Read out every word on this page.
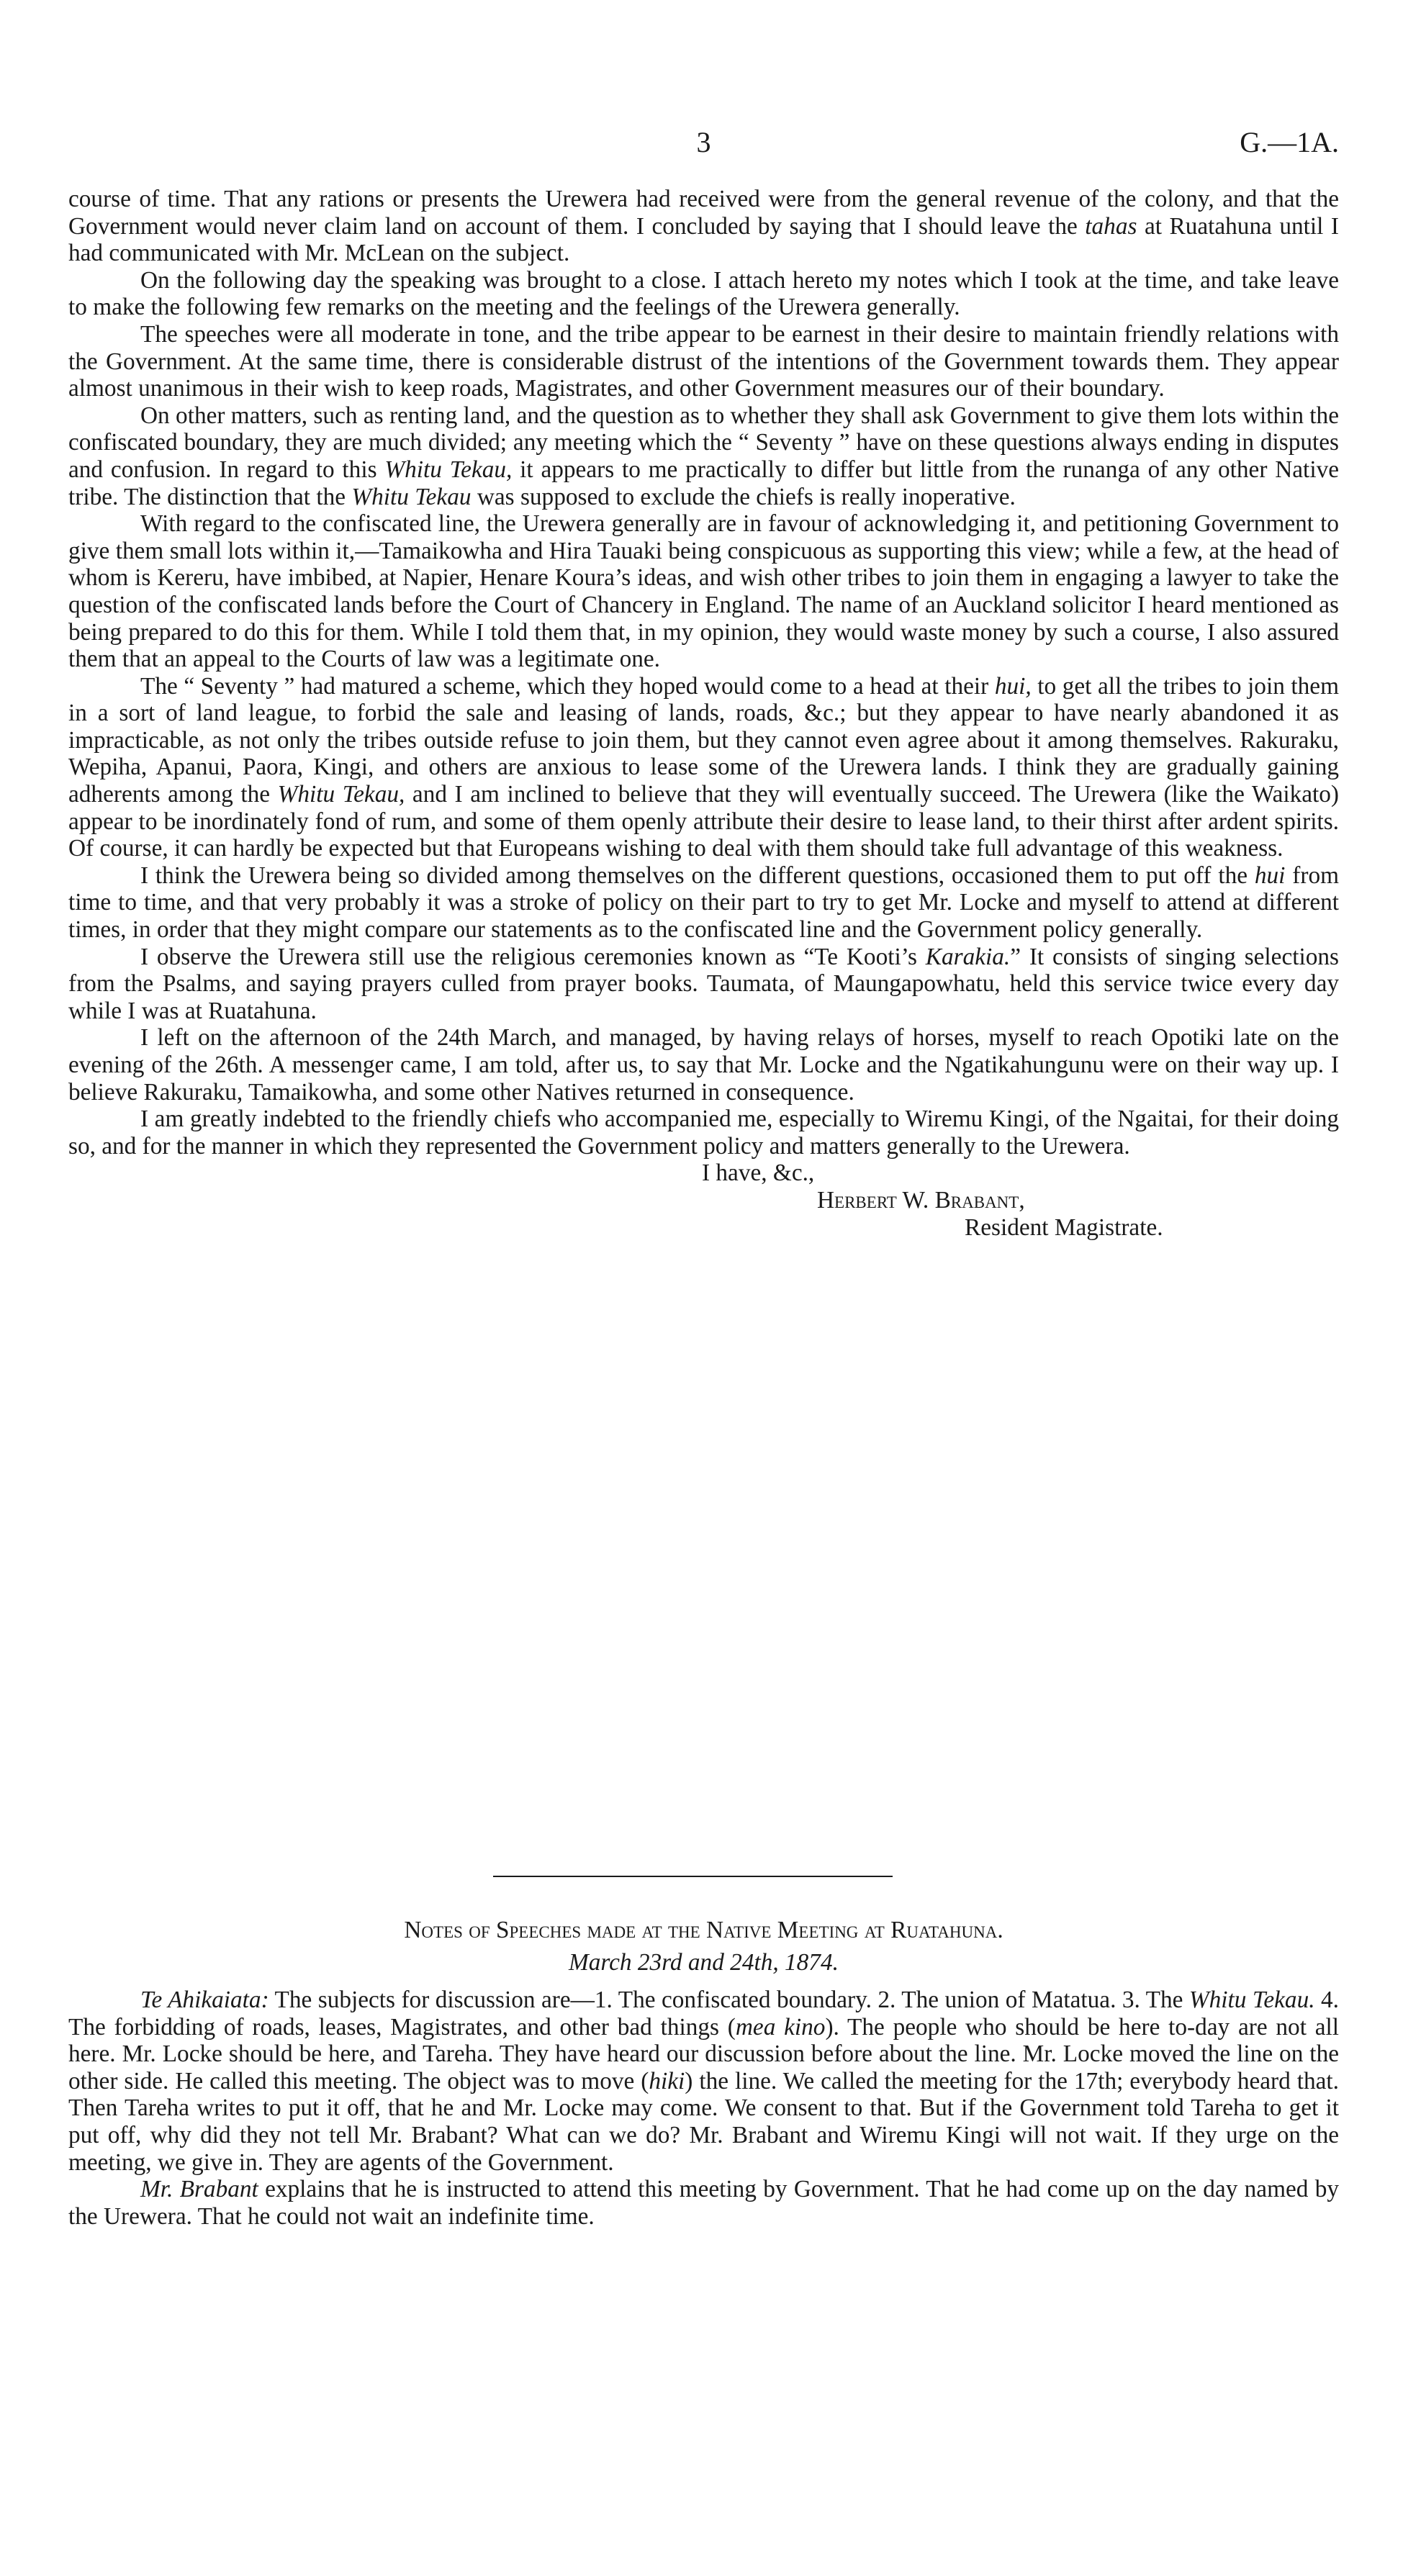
3	G.—1A.

course of time. That any rations or presents the Urewera had received were from the general revenue of the colony, and that the Government would never claim land on account of them. I concluded by saying that I should leave the tahas at Ruatahuna until I had communicated with Mr. McLean on the subject.

On the following day the speaking was brought to a close. I attach hereto my notes which I took at the time, and take leave to make the following few remarks on the meeting and the feelings of the Urewera generally.

The speeches were all moderate in tone, and the tribe appear to be earnest in their desire to maintain friendly relations with the Government. At the same time, there is considerable distrust of the intentions of the Government towards them. They appear almost unanimous in their wish to keep roads, Magistrates, and other Government measures our of their boundary.

On other matters, such as renting land, and the question as to whether they shall ask Government to give them lots within the confiscated boundary, they are much divided; any meeting which the “ Seventy ” have on these questions always ending in disputes and confusion. In regard to this Whitu Tekau, it appears to me practically to differ but little from the runanga of any other Native tribe. The distinction that the Whitu Tekau was supposed to exclude the chiefs is really inoperative.

With regard to the confiscated line, the Urewera generally are in favour of acknowledging it, and petitioning Government to give them small lots within it,—Tamaikowha and Hira Tauaki being conspicuous as supporting this view; while a few, at the head of whom is Kereru, have imbibed, at Napier, Henare Koura’s ideas, and wish other tribes to join them in engaging a lawyer to take the question of the confiscated lands before the Court of Chancery in England. The name of an Auckland solicitor I heard mentioned as being prepared to do this for them. While I told them that, in my opinion, they would waste money by such a course, I also assured them that an appeal to the Courts of law was a legitimate one.

The “ Seventy ” had matured a scheme, which they hoped would come to a head at their hui, to get all the tribes to join them in a sort of land league, to forbid the sale and leasing of lands, roads, &c.; but they appear to have nearly abandoned it as impracticable, as not only the tribes outside refuse to join them, but they cannot even agree about it among themselves. Rakuraku, Wepiha, Apanui, Paora, Kingi, and others are anxious to lease some of the Urewera lands. I think they are gradually gaining adherents among the Whitu Tekau, and I am inclined to believe that they will eventually succeed. The Urewera (like the Waikato) appear to be inordinately fond of rum, and some of them openly attribute their desire to lease land, to their thirst after ardent spirits. Of course, it can hardly be expected but that Europeans wishing to deal with them should take full advantage of this weakness.

I think the Urewera being so divided among themselves on the different questions, occasioned them to put off the hui from time to time, and that very probably it was a stroke of policy on their part to try to get Mr. Locke and myself to attend at different times, in order that they might compare our statements as to the confiscated line and the Government policy generally.

I observe the Urewera still use the religious ceremonies known as “Te Kooti’s Karakia.” It consists of singing selections from the Psalms, and saying prayers culled from prayer books. Taumata, of Maungapowhatu, held this service twice every day while I was at Ruatahuna.

I left on the afternoon of the 24th March, and managed, by having relays of horses, myself to reach Opotiki late on the evening of the 26th. A messenger came, I am told, after us, to say that Mr. Locke and the Ngatikahungunu were on their way up. I believe Rakuraku, Tamaikowha, and some other Natives returned in consequence.

I am greatly indebted to the friendly chiefs who accompanied me, especially to Wiremu Kingi, of the Ngaitai, for their doing so, and for the manner in which they represented the Government policy and matters generally to the Urewera.

I have, &c.,

Herbert W. Brabant,

Resident Magistrate.

Notes of Speeches made at the Native Meeting at Ruatahuna.
March 23rd and 24th, 1874.

Te Ahikaiata: The subjects for discussion are—1. The confiscated boundary. 2. The union of Matatua. 3. The Whitu Tekau. 4. The forbidding of roads, leases, Magistrates, and other bad things (mea kino). The people who should be here to-day are not all here. Mr. Locke should be here, and Tareha. They have heard our discussion before about the line. Mr. Locke moved the line on the other side. He called this meeting. The object was to move (hiki) the line. We called the meeting for the 17th; everybody heard that. Then Tareha writes to put it off, that he and Mr. Locke may come. We consent to that. But if the Government told Tareha to get it put off, why did they not tell Mr. Brabant? What can we do? Mr. Brabant and Wiremu Kingi will not wait. If they urge on the meeting, we give in. They are agents of the Government.

Mr. Brabant explains that he is instructed to attend this meeting by Government. That he had come up on the day named by the Urewera. That he could not wait an indefinite time.
